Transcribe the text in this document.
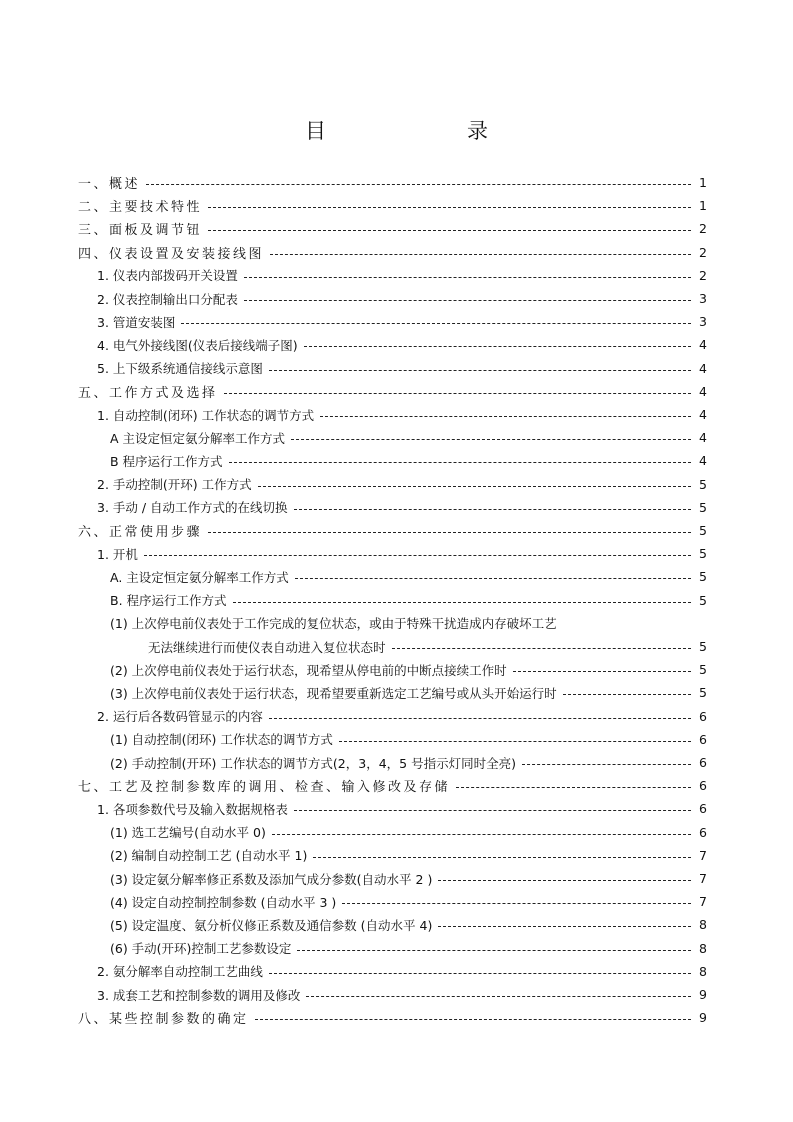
目　录
一、概述	1
二、主要技术特性	1
三、面板及调节钮	2
四、仪表设置及安装接线图	2
1. 仪表内部拨码开关设置	2
2. 仪表控制输出口分配表	3
3. 管道安装图	3
4. 电气外接线图(仪表后接线端子图)	4
5. 上下级系统通信接线示意图	4
五、工作方式及选择	4
1. 自动控制(闭环) 工作状态的调节方式	4
A 主设定恒定氨分解率工作方式	4
B 程序运行工作方式	4
2. 手动控制(开环) 工作方式	5
3. 手动 / 自动工作方式的在线切换	5
六、正常使用步骤	5
1. 开机	5
A. 主设定恒定氨分解率工作方式	5
B. 程序运行工作方式	5
(1) 上次停电前仪表处于工作完成的复位状态，或由于特殊干扰造成内存破坏工艺
无法继续进行而使仪表自动进入复位状态时	5
(2) 上次停电前仪表处于运行状态，现希望从停电前的中断点接续工作时	5
(3) 上次停电前仪表处于运行状态，现希望要重新选定工艺编号或从头开始运行时	5
2. 运行后各数码管显示的内容	6
(1) 自动控制(闭环) 工作状态的调节方式	6
(2) 手动控制(开环) 工作状态的调节方式(2，3，4，5 号指示灯同时全亮)	6
七、工艺及控制参数库的调用、检查、输入修改及存储	6
1. 各项参数代号及输入数据规格表	6
(1) 选工艺编号(自动水平 0)	6
(2) 编制自动控制工艺 (自动水平 1)	7
(3) 设定氨分解率修正系数及添加气成分参数(自动水平 2 )	7
(4) 设定自动控制控制参数 (自动水平 3 )	7
(5) 设定温度、氨分析仪修正系数及通信参数 (自动水平 4)	8
(6) 手动(开环)控制工艺参数设定	8
2. 氨分解率自动控制工艺曲线	8
3. 成套工艺和控制参数的调用及修改	9
八、某些控制参数的确定	9
